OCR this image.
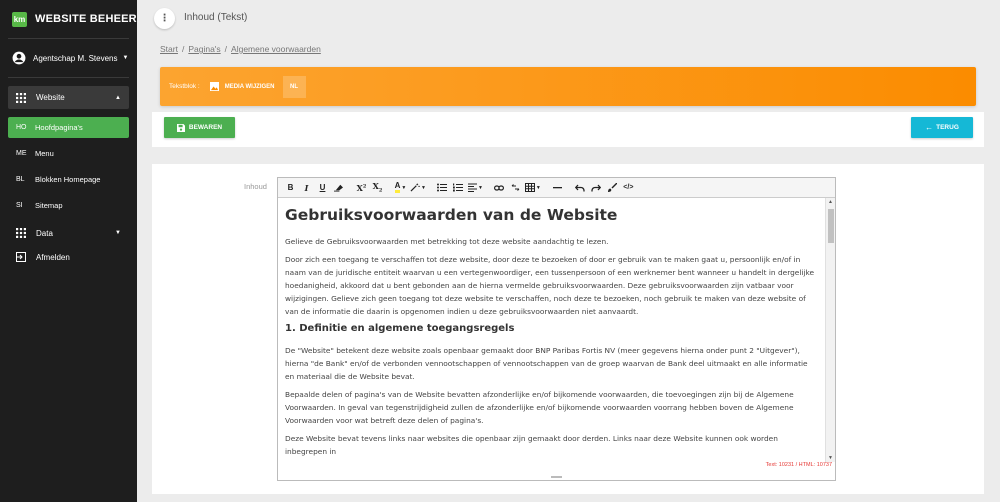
km WEBSITE BEHEER
Agentschap M. Stevens ▼
Website	▲
HO	Hoofdpagina's
ME	Menu
BL	Blokken Homepage
SI	Sitemap
Data	▼
Afmelden
⋮	Inhoud (Tekst)
Start / Pagina's / Algemene voorwaarden
Tekstblok :	MEDIA WIJZIGEN	NL
BEWAREN	← TERUG
Inhoud	B I U	$X^2$ $X_2$
A ▼	▼	▼	▼	</>
Gebruiksvoorwaarden van de Website

Gelieve de Gebruiksvoorwaarden met betrekking tot deze website aandachtig te lezen.

Door zich een toegang te verschaffen tot deze website, door deze te bezoeken of door er gebruik van te maken gaat u, persoonlijk en/of in naam van de juridische entiteit waarvan u een vertegenwoordiger, een tussenpersoon of een werknemer bent wanneer u handelt in dergelijke hoedanigheid, akkoord dat u bent gebonden aan de hierna vermelde gebruiksvoorwaarden. Deze gebruiksvoorwaarden zijn vatbaar voor wijzigingen. Gelieve zich geen toegang tot deze website te verschaffen, noch deze te bezoeken, noch gebruik te maken van deze website of van de informatie die daarin is opgenomen indien u deze gebruiksvoorwaarden niet aanvaardt.

1. Definitie en algemene toegangsregels

De "Website" betekent deze website zoals openbaar gemaakt door BNP Paribas Fortis NV (meer gegevens hierna onder punt 2 "Uitgever"), hierna "de Bank" en/of de verbonden vennootschappen of vennootschappen van de groep waarvan de Bank deel uitmaakt en alle informatie en materiaal die de Website bevat.

Bepaalde delen of pagina's van de Website bevatten afzonderlijke en/of bijkomende voorwaarden, die toevoegingen zijn bij de Algemene Voorwaarden. In geval van tegenstrijdigheid zullen de afzonderlijke en/of bijkomende voorwaarden voorrang hebben boven de Algemene Voorwaarden voor wat betreft deze delen of pagina's.

Deze Website bevat tevens links naar websites die openbaar zijn gemaakt door derden. Links naar deze Website kunnen ook worden inbegrepen in

▲
▼
Text: 10231 / HTML: 10737
